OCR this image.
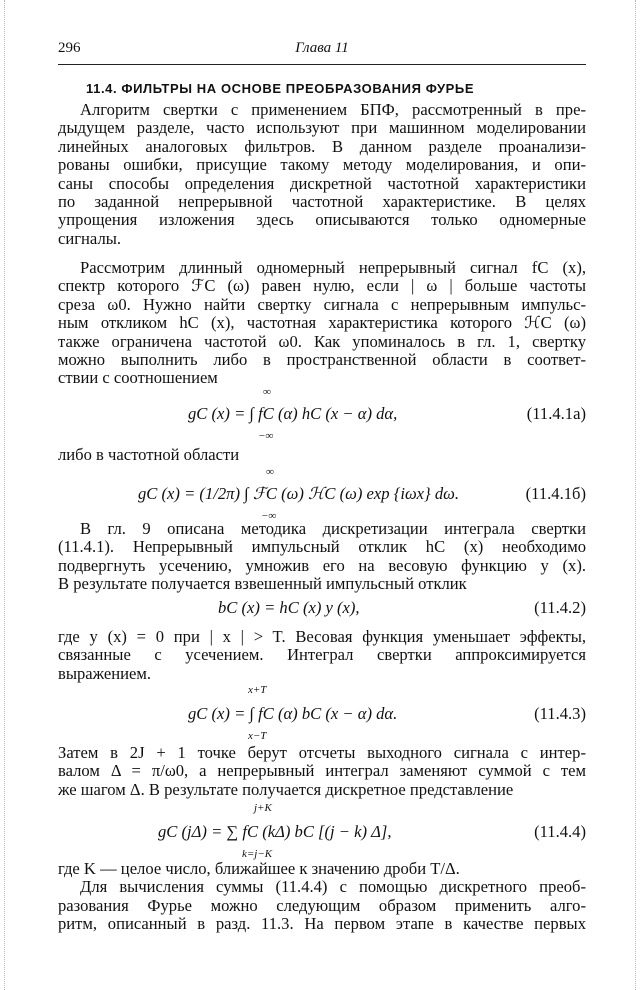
296	Глава 11
11.4. ФИЛЬТРЫ НА ОСНОВЕ ПРЕОБРАЗОВАНИЯ ФУРЬЕ
Алгоритм свертки с применением БПФ, рассмотренный в пре-
дыдущем разделе, часто используют при машинном моделировании
линейных аналоговых фильтров. В данном разделе проанализи-
рованы ошибки, присущие такому методу моделирования, и опи-
саны способы определения дискретной частотной характеристики
по заданной непрерывной частотной характеристике. В целях
упрощения изложения здесь описываются только одномерные
сигналы.
Рассмотрим длинный одномерный непрерывный сигнал fC (x),
спектр которого ℱC (ω) равен нулю, если | ω | больше частоты
среза ω0. Нужно найти свертку сигнала с непрерывным импульс-
ным откликом hC (x), частотная характеристика которого ℋC (ω)
также ограничена частотой ω0. Как упоминалось в гл. 1, свертку
можно выполнить либо в пространственной области в соответ-
ствии с соотношением
∞
gC (x) = ∫ fC (α) hC (x − α) dα,
−∞
(11.4.1а)
либо в частотной области
∞
gC (x) = (1/2π) ∫ ℱC (ω) ℋC (ω) exp {iωx} dω.
−∞
(11.4.1б)
В гл. 9 описана методика дискретизации интеграла свертки
(11.4.1). Непрерывный импульсный отклик hC (x) необходимо
подвергнуть усечению, умножив его на весовую функцию y (x).
В результате получается взвешенный импульсный отклик
bC (x) = hC (x) y (x),	(11.4.2)
где y (x) = 0 при | x | > T. Весовая функция уменьшает эффекты,
связанные с усечением. Интеграл свертки аппроксимируется
выражением.
x+T
gC (x) = ∫ fC (α) bC (x − α) dα.
x−T
(11.4.3)
Затем в 2J + 1 точке берут отсчеты выходного сигнала с интер-
валом Δ = π/ω0, а непрерывный интеграл заменяют суммой с тем
же шагом Δ. В результате получается дискретное представление
j+K
gC (jΔ) = ∑ fC (kΔ) bC [(j − k) Δ],
k=j−K
(11.4.4)
где K — целое число, ближайшее к значению дроби T/Δ.
Для вычисления суммы (11.4.4) с помощью дискретного преоб-
разования Фурье можно следующим образом применить алго-
ритм, описанный в разд. 11.3. На первом этапе в качестве первых
